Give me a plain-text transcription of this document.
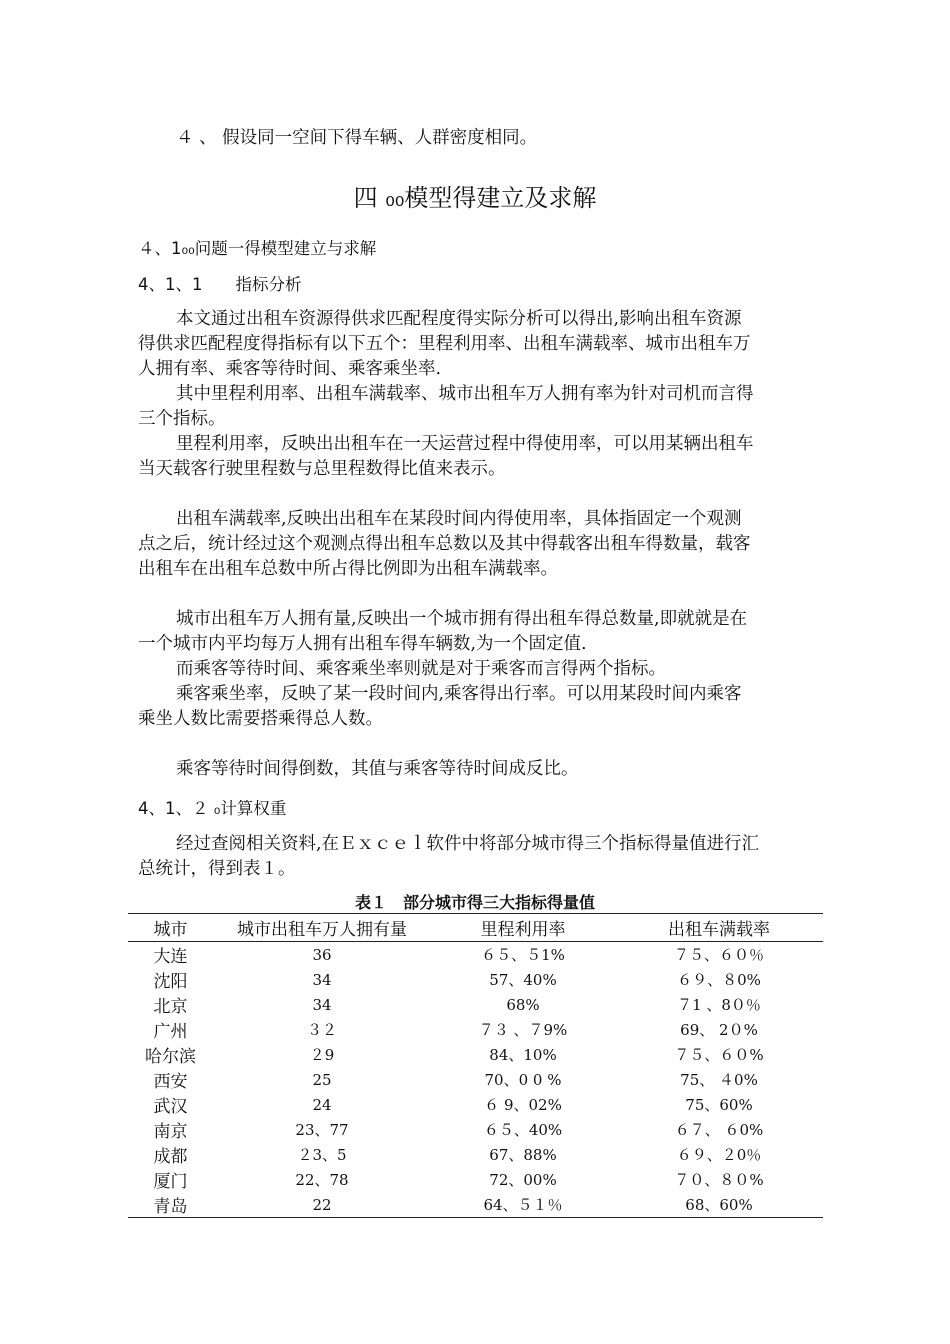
４ 、 假设同一空间下得车辆、人群密度相同。
四 ₀₀模型得建立及求解
４、1₀₀问题一得模型建立与求解
4、1、1　　指标分析
本文通过出租车资源得供求匹配程度得实际分析可以得出,影响出租车资源
得供求匹配程度得指标有以下五个：里程利用率、出租车满载率、城市出租车万
人拥有率、乘客等待时间、乘客乘坐率.
其中里程利用率、出租车满载率、城市出租车万人拥有率为针对司机而言得
三个指标。
里程利用率，反映出出租车在一天运营过程中得使用率，可以用某辆出租车
当天载客行驶里程数与总里程数得比值来表示。
出租车满载率,反映出出租车在某段时间内得使用率，具体指固定一个观测
点之后，统计经过这个观测点得出租车总数以及其中得载客出租车得数量，载客
出租车在出租车总数中所占得比例即为出租车满载率。
城市出租车万人拥有量,反映出一个城市拥有得出租车得总数量,即就就是在
一个城市内平均每万人拥有出租车得车辆数,为一个固定值.
而乘客等待时间、乘客乘坐率则就是对于乘客而言得两个指标。
乘客乘坐率，反映了某一段时间内,乘客得出行率。可以用某段时间内乘客
乘坐人数比需要搭乘得总人数。
乘客等待时间得倒数，其值与乘客等待时间成反比。
4、1、２ ₀计算权重
经过查阅相关资料,在Ｅｘｃｅｌ软件中将部分城市得三个指标得量值进行汇
总统计，得到表１。
表１　部分城市得三大指标得量值
城市	城市出租车万人拥有量	里程利用率	出租车满载率
大连	36	６５、５1%	７５、６０％
沈阳	34	57、40%	６９、８0%
北京	34	68%	７1 、8０％
广州	３２	７３ 、７9%	69、 2０%
哈尔滨	２9	84、10%	７５、６０%
西安	25	70、0 0 %	75、 ４0%
武汉	24	６ 9、02%	75、60%
南京	23、77	６５、40%	６７、 ６0%
成都	２3、5	67、88%	６９、２0％
厦门	22、78	72、00%	７０、８０%
青岛	22	64、５１％	68、60%
